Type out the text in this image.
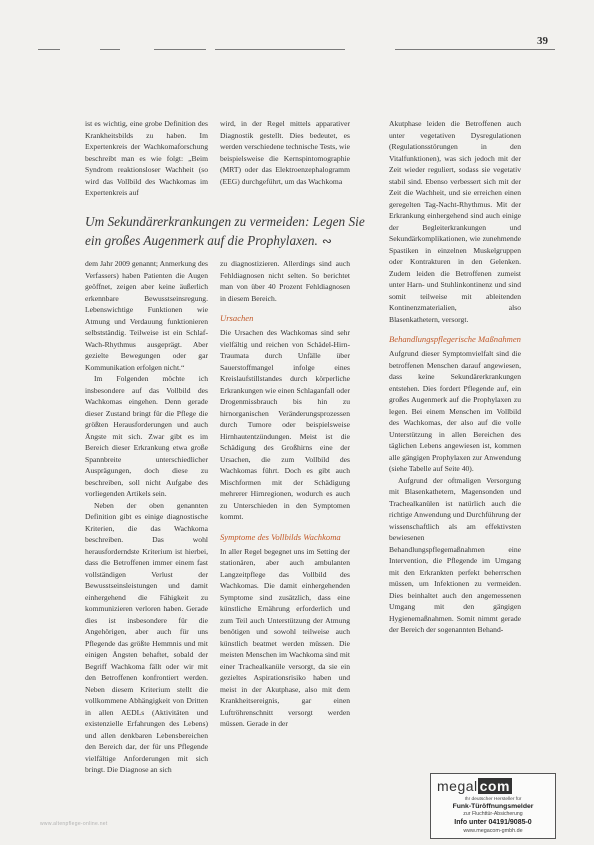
39

ist es wichtig, eine grobe Definition des Krankheitsbilds zu haben. Im Expertenkreis der Wachkomaforschung beschreibt man es wie folgt: „Beim Syndrom reaktionsloser Wachheit (so wird das Vollbild des Wachkomas im Expertenkreis auf

wird, in der Regel mittels apparativer Diagnostik gestellt. Dies bedeutet, es werden verschiedene technische Tests, wie beispielsweise die Kernspintomographie (MRT) oder das Elektroenzephalogramm (EEG) durchgeführt, um das Wachkoma

Um Sekundärerkrankungen zu vermeiden: Legen Sie ein großes Augenmerk auf die Prophylaxen. ∾

dem Jahr 2009 genannt; Anmerkung des Verfassers) haben Patienten die Augen geöffnet, zeigen aber keine äußerlich erkennbare Bewusstseinsregung. Lebenswichtige Funktionen wie Atmung und Verdauung funktionieren selbstständig. Teilweise ist ein Schlaf-Wach-Rhythmus ausgeprägt. Aber gezielte Bewegungen oder gar Kommunikation erfolgen nicht.“

Im Folgenden möchte ich insbesondere auf das Vollbild des Wachkomas eingehen. Denn gerade dieser Zustand bringt für die Pflege die größten Herausforderungen und auch Ängste mit sich. Zwar gibt es im Bereich dieser Erkrankung etwa große Spannbreite unterschiedlicher Ausprägungen, doch diese zu beschreiben, soll nicht Aufgabe des vorliegenden Artikels sein.

Neben der oben genannten Definition gibt es einige diagnostische Kriterien, die das Wachkoma beschreiben. Das wohl herausforderndste Kriterium ist hierbei, dass die Betroffenen immer einem fast vollständigen Verlust der Bewusstseinsleistungen und damit einhergehend die Fähigkeit zu kommunizieren verloren haben. Gerade dies ist insbesondere für die Angehörigen, aber auch für uns Pflegende das größte Hemmnis und mit einigen Ängsten behaftet, sobald der Begriff Wachkoma fällt oder wir mit den Betroffenen konfrontiert werden. Neben diesem Kriterium stellt die vollkommene Abhängigkeit von Dritten in allen AEDLs (Aktivitäten und existenzielle Erfahrungen des Lebens) und allen denkbaren Lebensbereichen den Bereich dar, der für uns Pflegende vielfältige Anforderungen mit sich bringt. Die Diagnose an sich

zu diagnostizieren. Allerdings sind auch Fehldiagnosen nicht selten. So berichtet man von über 40 Prozent Fehldiagnosen in diesem Bereich.

Ursachen

Die Ursachen des Wachkomas sind sehr vielfältig und reichen von Schädel-Hirn-Traumata durch Unfälle über Sauerstoffmangel infolge eines Kreislaufstillstandes durch körperliche Erkrankungen wie einen Schlaganfall oder Drogenmissbrauch bis hin zu hirnorganischen Veränderungsprozessen durch Tumore oder beispielsweise Hirnhautentzündungen. Meist ist die Schädigung des Großhirns eine der Ursachen, die zum Vollbild des Wachkomas führt. Doch es gibt auch Mischformen mit der Schädigung mehrerer Hirnregionen, wodurch es auch zu Unterschieden in den Symptomen kommt.

Symptome des Vollbilds Wachkoma

In aller Regel begegnet uns im Setting der stationären, aber auch ambulanten Langzeitpflege das Vollbild des Wachkomas. Die damit einhergehenden Symptome sind zusätzlich, dass eine künstliche Ernährung erforderlich und zum Teil auch Unterstützung der Atmung benötigen und sowohl teilweise auch künstlich beatmet werden müssen. Die meisten Menschen im Wachkoma sind mit einer Trachealkanüle versorgt, da sie ein gezieltes Aspirationsrisiko haben und meist in der Akutphase, also mit dem Krankheitsereignis, gar einen Luftröhrenschnitt versorgt werden müssen. Gerade in der

Akutphase leiden die Betroffenen auch unter vegetativen Dysregulationen (Regulationsstörungen in den Vitalfunktionen), was sich jedoch mit der Zeit wieder reguliert, sodass sie vegetativ stabil sind. Ebenso verbessert sich mit der Zeit die Wachheit, und sie erreichen einen geregelten Tag-Nacht-Rhythmus. Mit der Erkrankung einhergehend sind auch einige der Begleiterkrankungen und Sekundärkomplikationen, wie zunehmende Spastiken in einzelnen Muskelgruppen oder Kontrakturen in den Gelenken. Zudem leiden die Betroffenen zumeist unter Harn- und Stuhlinkontinenz und sind somit teilweise mit ableitenden Kontinenzmaterialien, also Blasenkathetern, versorgt.

Behandlungspflegerische Maßnahmen

Aufgrund dieser Symptomvielfalt sind die betroffenen Menschen darauf angewiesen, dass keine Sekundärerkrankungen entstehen. Dies fordert Pflegende auf, ein großes Augenmerk auf die Prophylaxen zu legen. Bei einem Menschen im Vollbild des Wachkomas, der also auf die volle Unterstützung in allen Bereichen des täglichen Lebens angewiesen ist, kommen alle gängigen Prophylaxen zur Anwendung (siehe Tabelle auf Seite 40).

Aufgrund der oftmaligen Versorgung mit Blasenkathetern, Magensonden und Trachealkanülen ist natürlich auch die richtige Anwendung und Durchführung der wissenschaftlich als am effektivsten bewiesenen Behandlungspflegemaßnahmen eine Intervention, die Pflegende im Umgang mit den Erkrankten perfekt beherrschen müssen, um Infektionen zu vermeiden. Dies beinhaltet auch den angemessenen Umgang mit den gängigen Hygienemaßnahmen. Somit nimmt gerade der Bereich der sogenannten Behand-

megal com
Ihr deutscher Hersteller für
Funk-Türöffnungsmelder
zur Fluchttür-Absicherung
Info unter 04191/9085-0
www.megacom-gmbh.de
www.altenpflege-online.net
